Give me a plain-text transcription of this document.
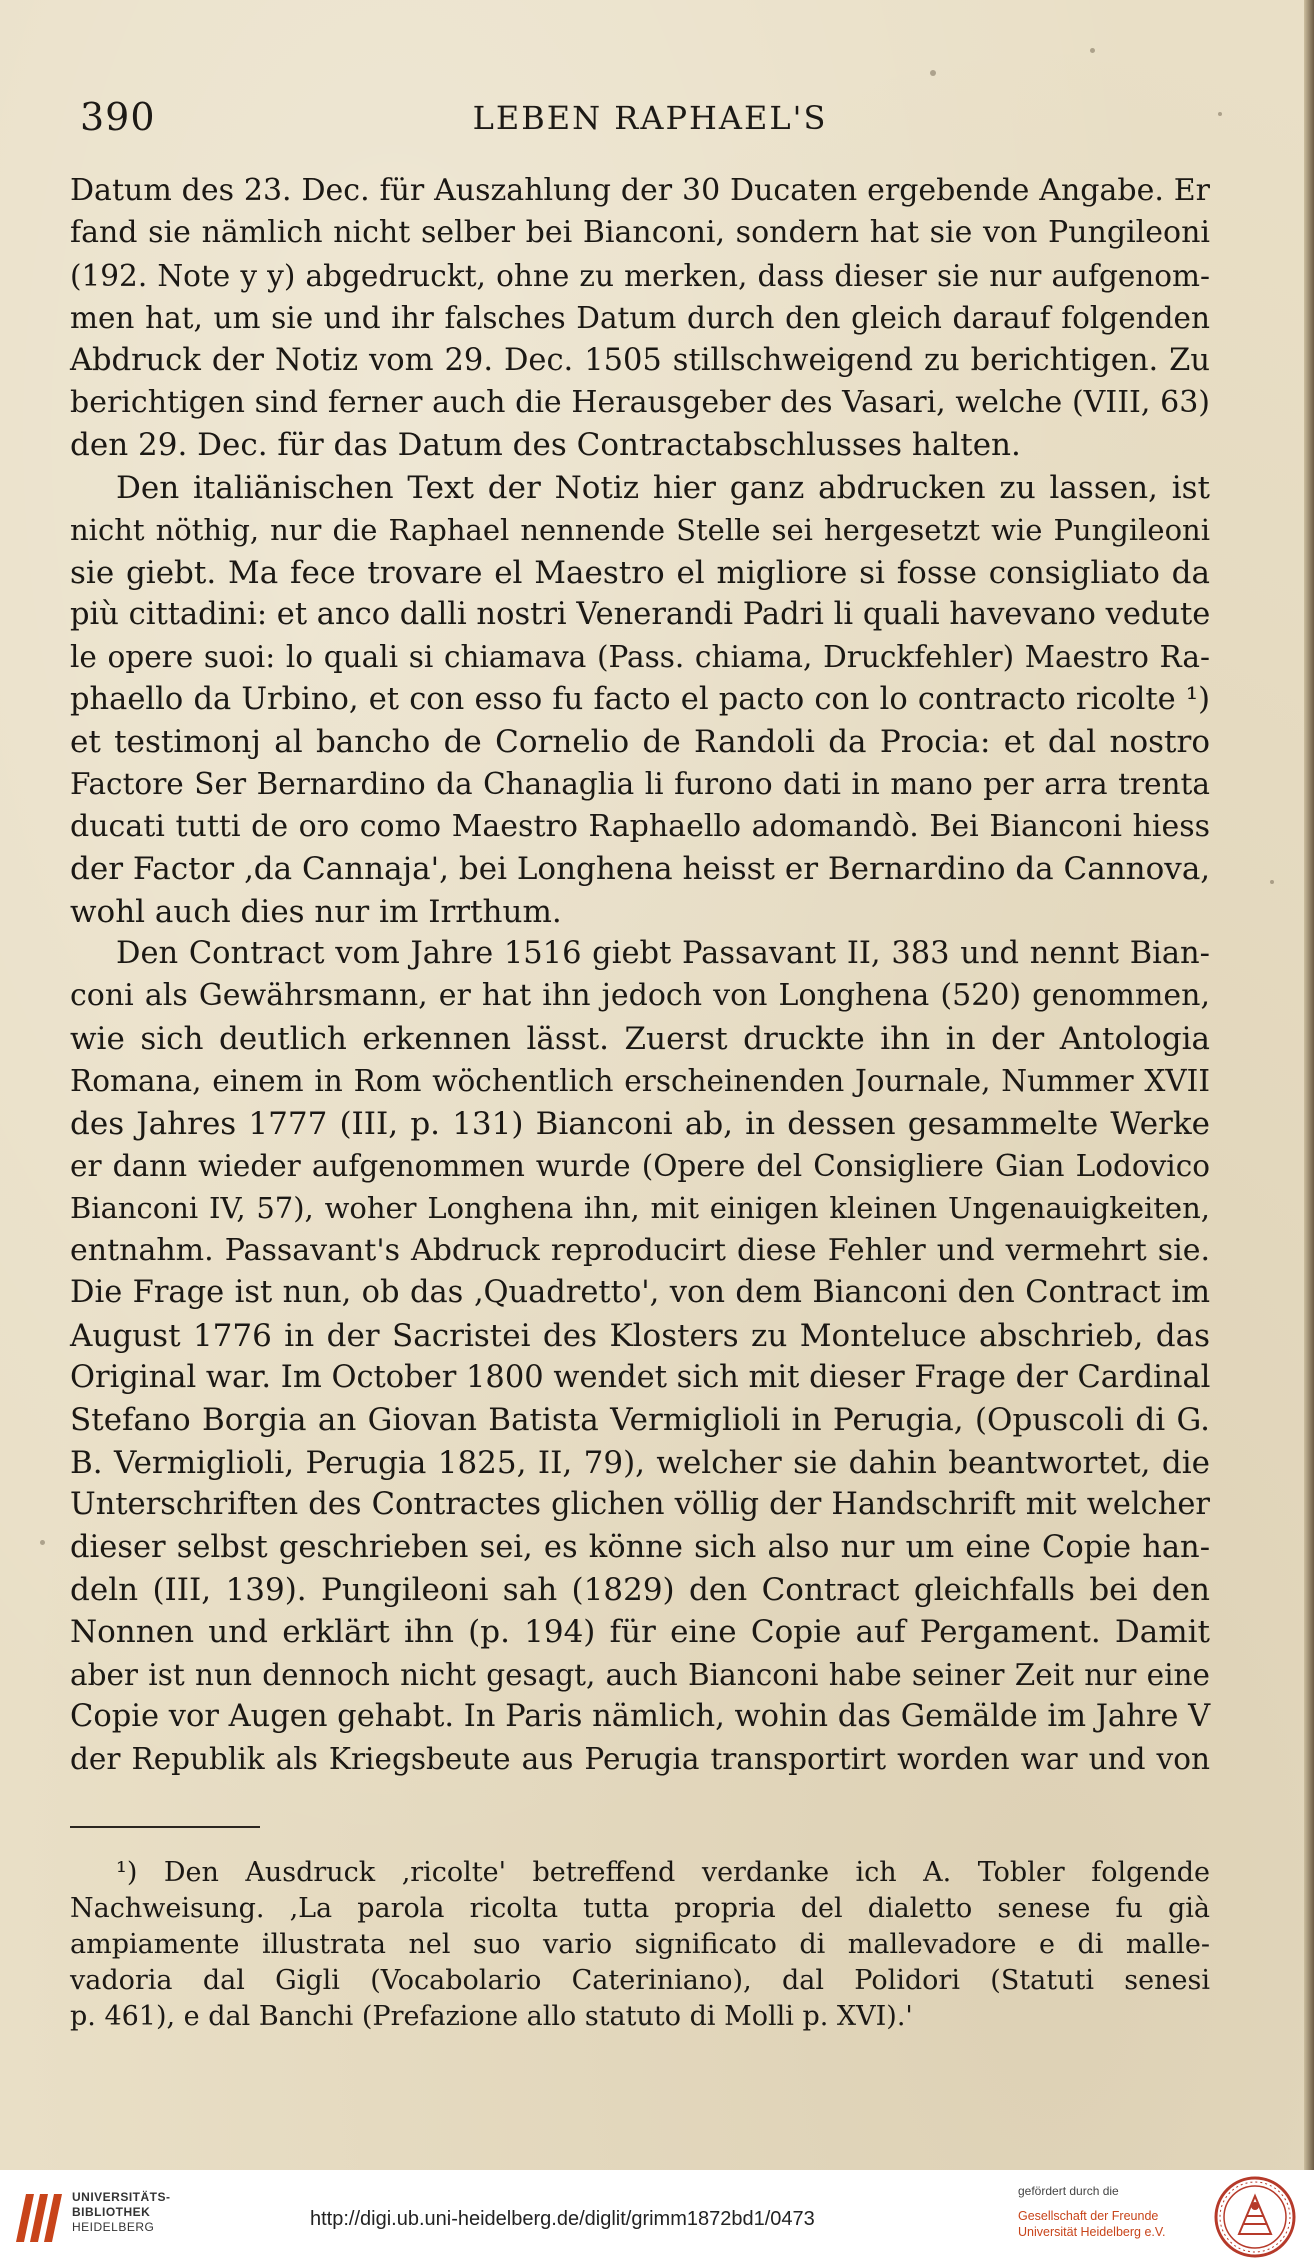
390	LEBEN RAPHAEL'S
Datum des 23. Dec. für Auszahlung der 30 Ducaten ergebende Angabe. Er
fand sie nämlich nicht selber bei Bianconi, sondern hat sie von Pungileoni
(192. Note y y) abgedruckt, ohne zu merken, dass dieser sie nur aufgenom-
men hat, um sie und ihr falsches Datum durch den gleich darauf folgenden
Abdruck der Notiz vom 29. Dec. 1505 stillschweigend zu berichtigen. Zu
berichtigen sind ferner auch die Herausgeber des Vasari, welche (VIII, 63)
den 29. Dec. für das Datum des Contractabschlusses halten.
Den italiänischen Text der Notiz hier ganz abdrucken zu lassen, ist
nicht nöthig, nur die Raphael nennende Stelle sei hergesetzt wie Pungileoni
sie giebt. Ma fece trovare el Maestro el migliore si fosse consigliato da
più cittadini: et anco dalli nostri Venerandi Padri li quali havevano vedute
le opere suoi: lo quali si chiamava (Pass. chiama, Druckfehler) Maestro Ra-
phaello da Urbino, et con esso fu facto el pacto con lo contracto ricolte ¹)
et testimonj al bancho de Cornelio de Randoli da Procia: et dal nostro
Factore Ser Bernardino da Chanaglia li furono dati in mano per arra trenta
ducati tutti de oro como Maestro Raphaello adomandò. Bei Bianconi hiess
der Factor ‚da Cannaja', bei Longhena heisst er Bernardino da Cannova,
wohl auch dies nur im Irrthum.
Den Contract vom Jahre 1516 giebt Passavant II, 383 und nennt Bian-
coni als Gewährsmann, er hat ihn jedoch von Longhena (520) genommen,
wie sich deutlich erkennen lässt. Zuerst druckte ihn in der Antologia
Romana, einem in Rom wöchentlich erscheinenden Journale, Nummer XVII
des Jahres 1777 (III, p. 131) Bianconi ab, in dessen gesammelte Werke
er dann wieder aufgenommen wurde (Opere del Consigliere Gian Lodovico
Bianconi IV, 57), woher Longhena ihn, mit einigen kleinen Ungenauigkeiten,
entnahm. Passavant's Abdruck reproducirt diese Fehler und vermehrt sie.
Die Frage ist nun, ob das ‚Quadretto', von dem Bianconi den Contract im
August 1776 in der Sacristei des Klosters zu Monteluce abschrieb, das
Original war. Im October 1800 wendet sich mit dieser Frage der Cardinal
Stefano Borgia an Giovan Batista Vermiglioli in Perugia, (Opuscoli di G.
B. Vermiglioli, Perugia 1825, II, 79), welcher sie dahin beantwortet, die
Unterschriften des Contractes glichen völlig der Handschrift mit welcher
dieser selbst geschrieben sei, es könne sich also nur um eine Copie han-
deln (III, 139). Pungileoni sah (1829) den Contract gleichfalls bei den
Nonnen und erklärt ihn (p. 194) für eine Copie auf Pergament. Damit
aber ist nun dennoch nicht gesagt, auch Bianconi habe seiner Zeit nur eine
Copie vor Augen gehabt. In Paris nämlich, wohin das Gemälde im Jahre V
der Republik als Kriegsbeute aus Perugia transportirt worden war und von
¹) Den Ausdruck ‚ricolte' betreffend verdanke ich A. Tobler folgende
Nachweisung. ‚La parola ricolta tutta propria del dialetto senese fu già
ampiamente illustrata nel suo vario significato di mallevadore e di malle-
vadoria dal Gigli (Vocabolario Cateriniano), dal Polidori (Statuti senesi
p. 461), e dal Banchi (Prefazione allo statuto di Molli p. XVI).'
UNIVERSITÄTS-
BIBLIOTHEK
HEIDELBERG	http://digi.ub.uni-heidelberg.de/diglit/grimm1872bd1/0473
gefördert durch die
Gesellschaft der Freunde
Universität Heidelberg e.V.
